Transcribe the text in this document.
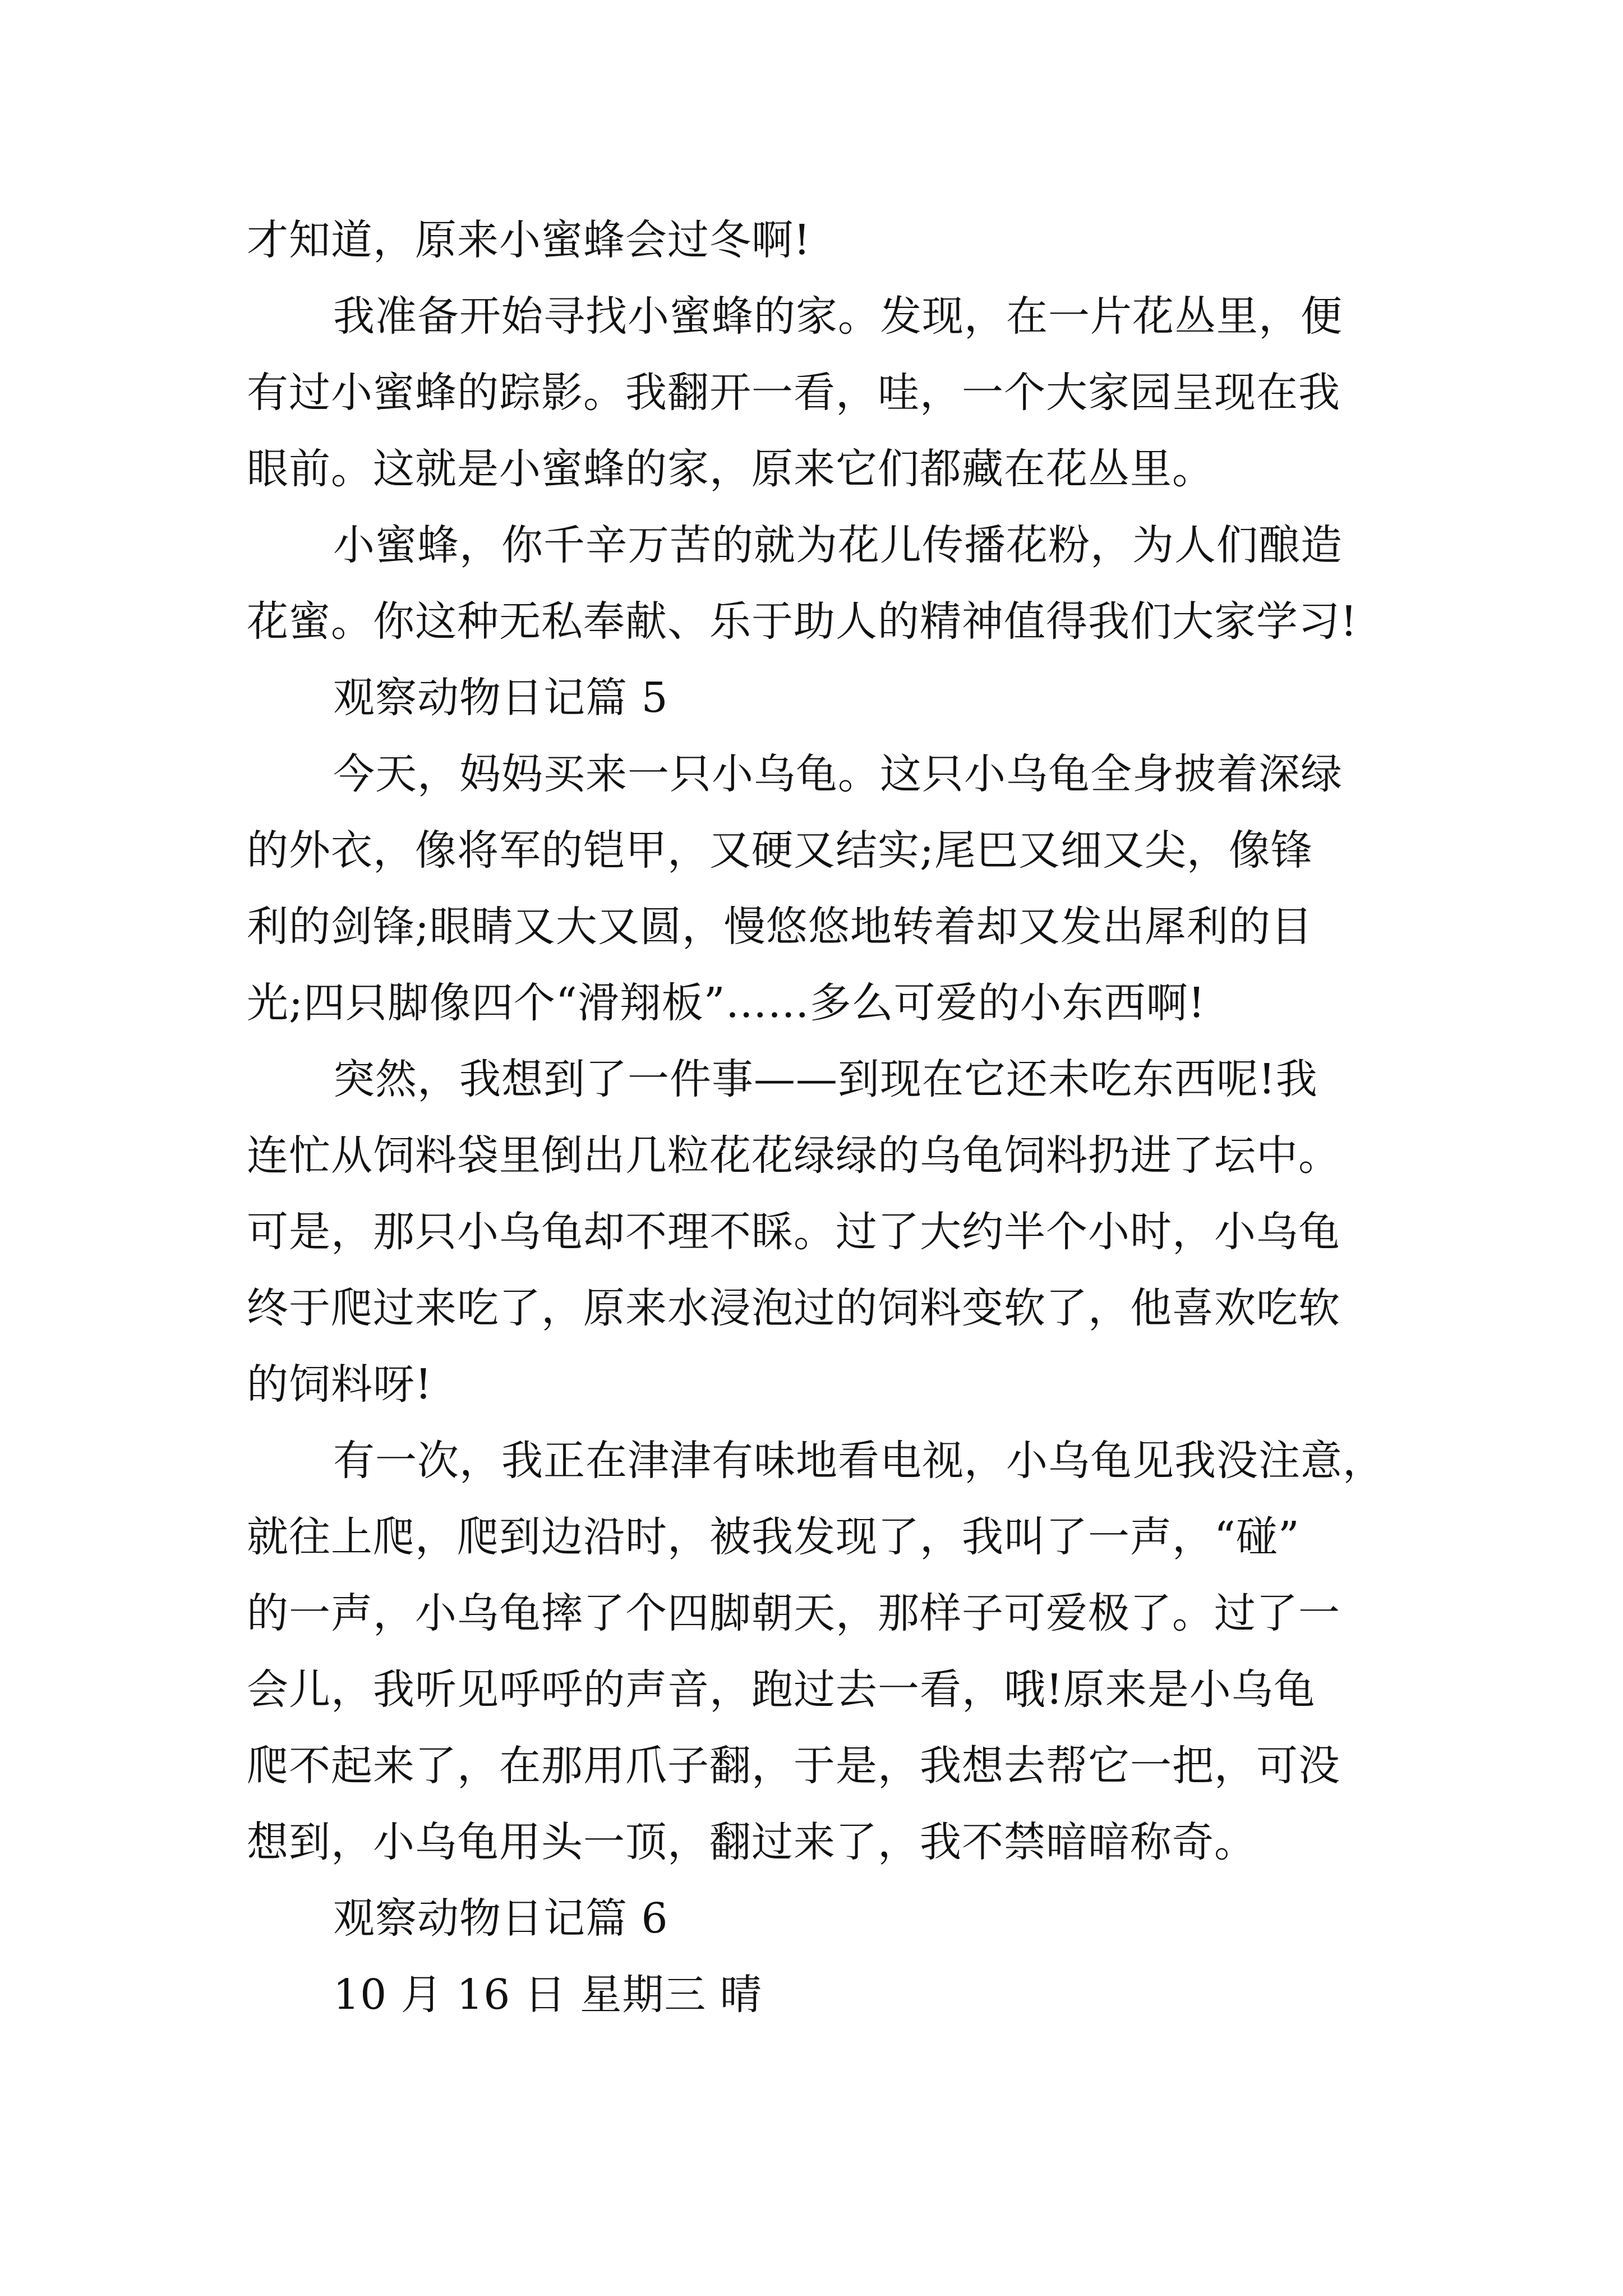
才知道，原来小蜜蜂会过冬啊!
我准备开始寻找小蜜蜂的家。发现，在一片花丛里，便
有过小蜜蜂的踪影。我翻开一看，哇，一个大家园呈现在我
眼前。这就是小蜜蜂的家，原来它们都藏在花丛里。
小蜜蜂，你千辛万苦的就为花儿传播花粉，为人们酿造
花蜜。你这种无私奉献、乐于助人的精神值得我们大家学习!
观察动物日记篇 5
今天，妈妈买来一只小乌龟。这只小乌龟全身披着深绿
的外衣，像将军的铠甲，又硬又结实;尾巴又细又尖，像锋
利的剑锋;眼睛又大又圆，慢悠悠地转着却又发出犀利的目
光;四只脚像四个“滑翔板”……多么可爱的小东西啊!
突然，我想到了一件事——到现在它还未吃东西呢!我
连忙从饲料袋里倒出几粒花花绿绿的乌龟饲料扔进了坛中。
可是，那只小乌龟却不理不睬。过了大约半个小时，小乌龟
终于爬过来吃了，原来水浸泡过的饲料变软了，他喜欢吃软
的饲料呀!
有一次，我正在津津有味地看电视，小乌龟见我没注意，
就往上爬，爬到边沿时，被我发现了，我叫了一声，“碰”
的一声，小乌龟摔了个四脚朝天，那样子可爱极了。过了一
会儿，我听见呼呼的声音，跑过去一看，哦!原来是小乌龟
爬不起来了，在那用爪子翻，于是，我想去帮它一把，可没
想到，小乌龟用头一顶，翻过来了，我不禁暗暗称奇。
观察动物日记篇 6
10 月 16 日 星期三 晴
